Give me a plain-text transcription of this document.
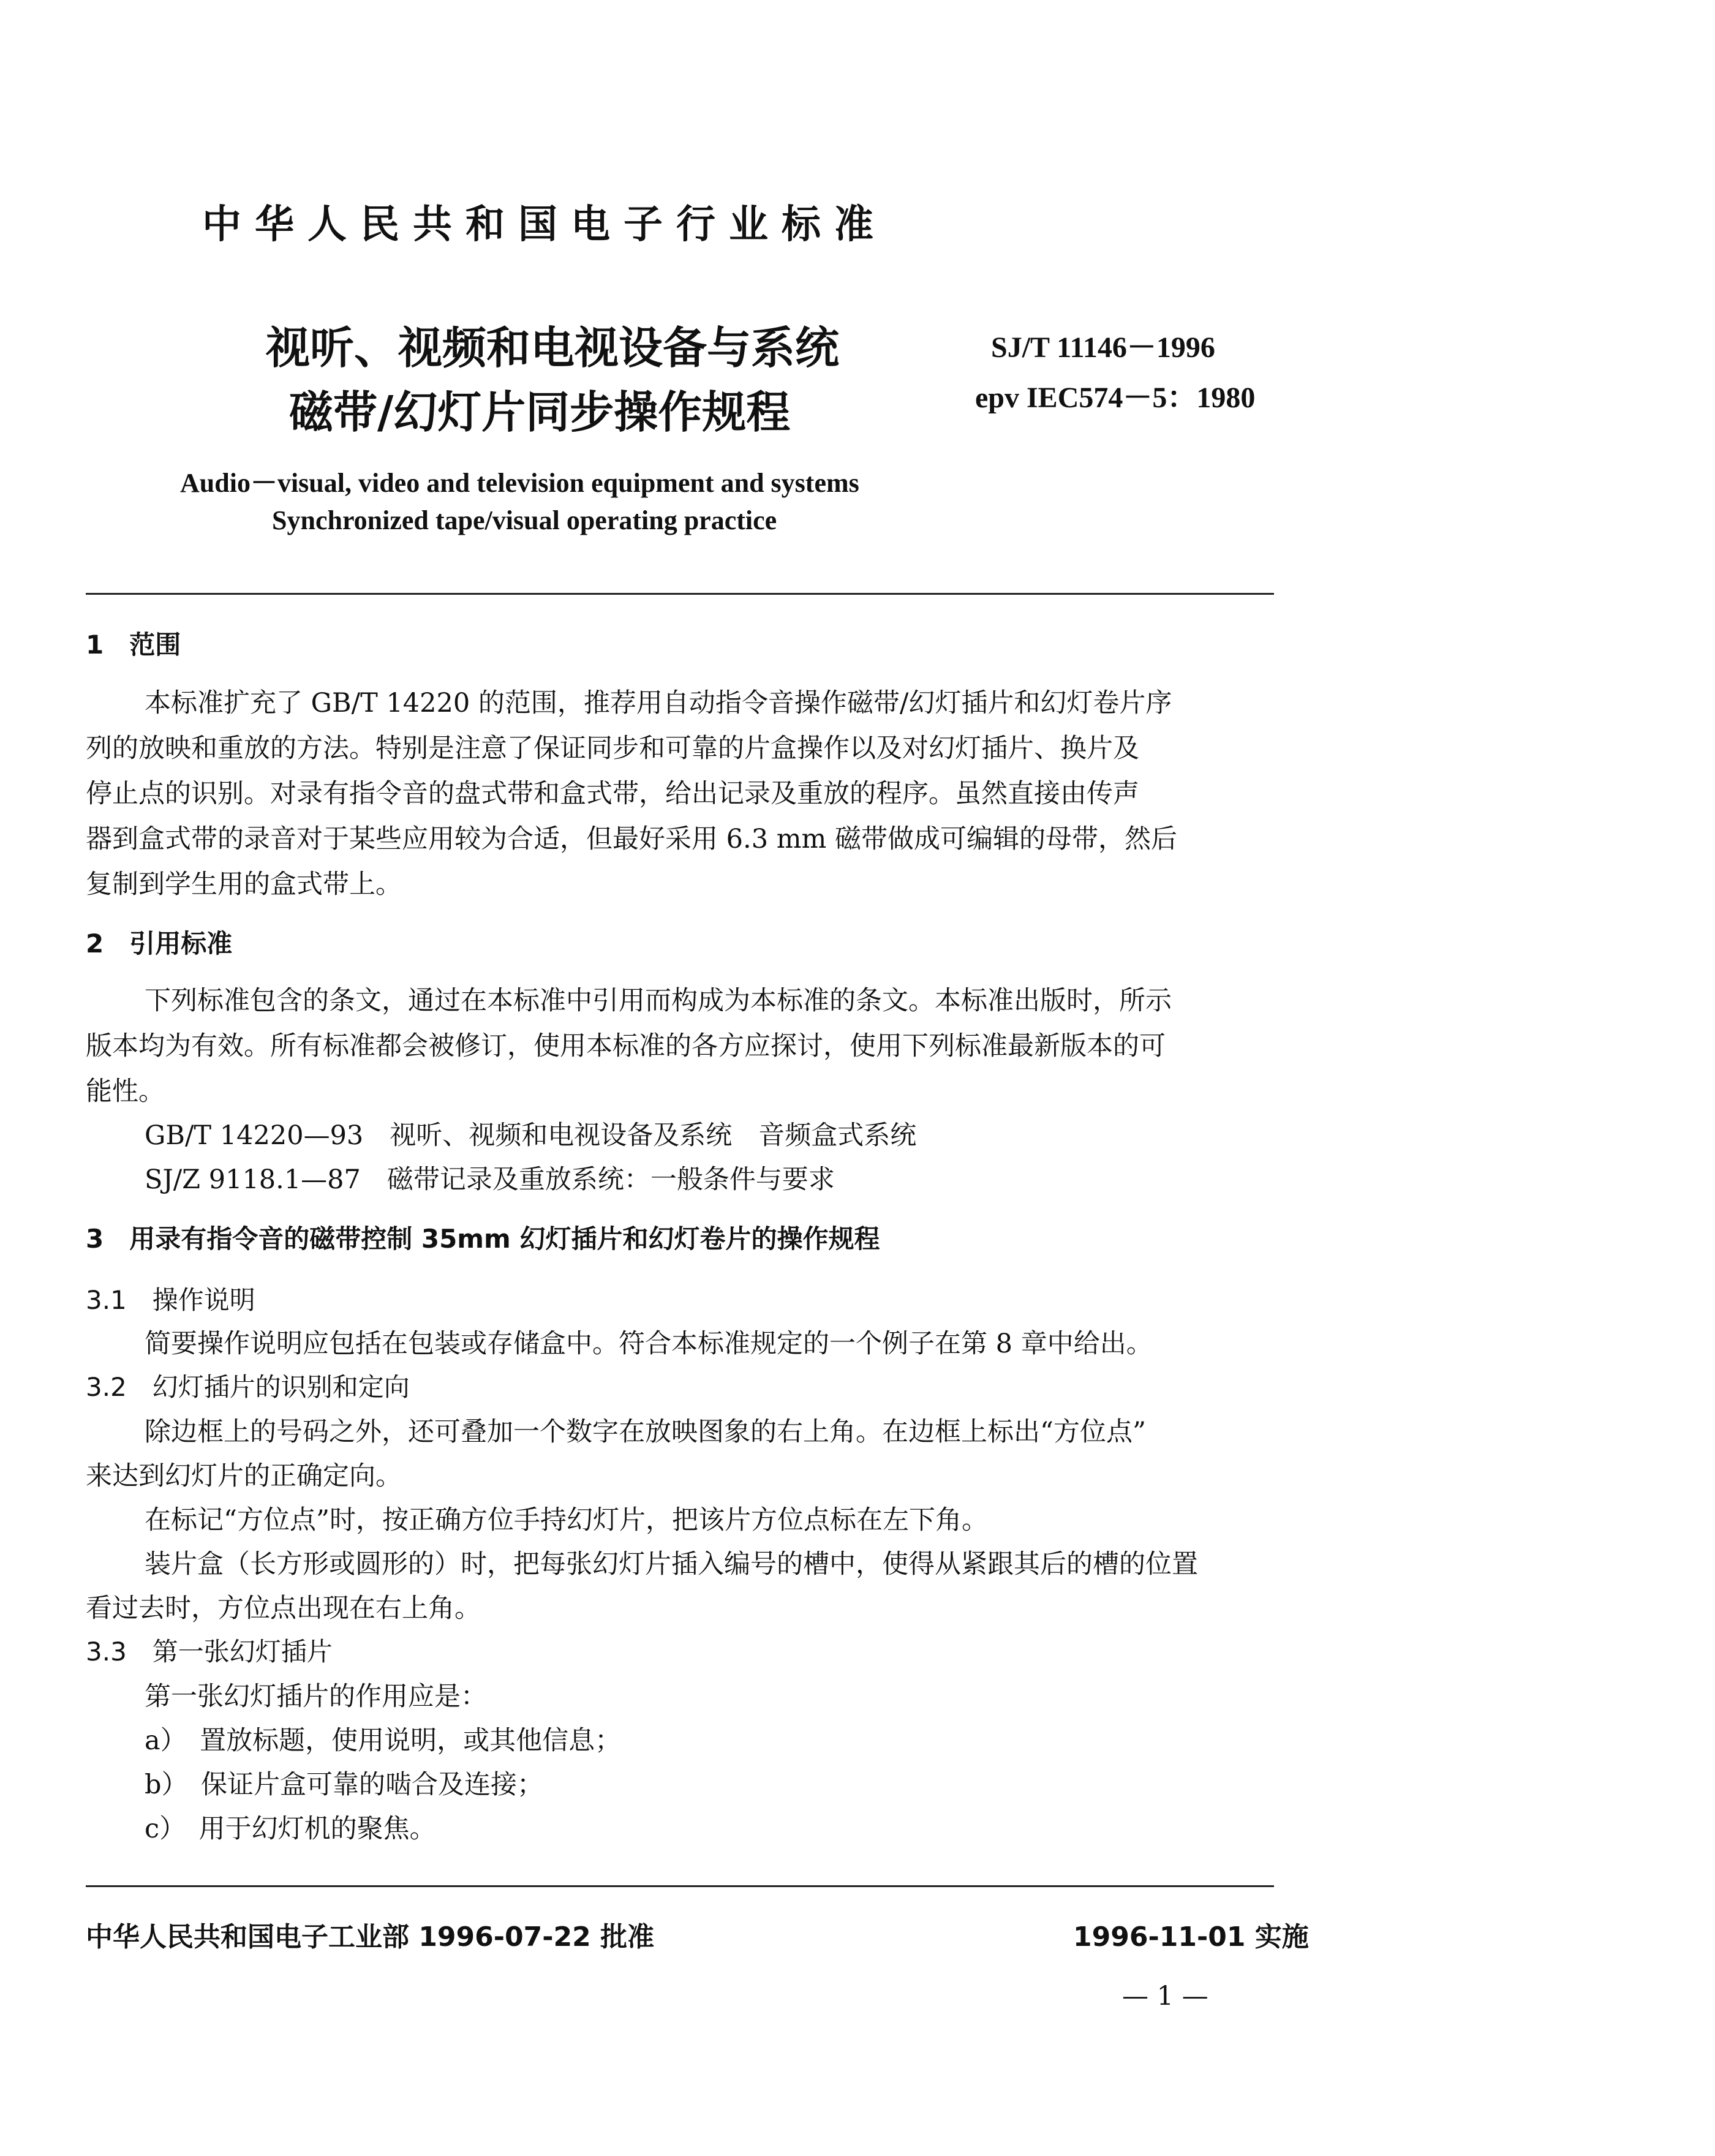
中华人民共和国电子行业标准
视听、视频和电视设备与系统
磁带/幻灯片同步操作规程
SJ/T 11146－1996
epv IEC574－5：1980
Audio－visual, video and television equipment and systems
Synchronized tape/visual operating practice
1　范围
本标准扩充了 GB/T 14220 的范围，推荐用自动指令音操作磁带/幻灯插片和幻灯卷片序
列的放映和重放的方法。特别是注意了保证同步和可靠的片盒操作以及对幻灯插片、换片及
停止点的识别。对录有指令音的盘式带和盒式带，给出记录及重放的程序。虽然直接由传声
器到盒式带的录音对于某些应用较为合适，但最好采用 6.3 mm 磁带做成可编辑的母带，然后
复制到学生用的盒式带上。
2　引用标准
下列标准包含的条文，通过在本标准中引用而构成为本标准的条文。本标准出版时，所示
版本均为有效。所有标准都会被修订，使用本标准的各方应探讨，使用下列标准最新版本的可
能性。
GB/T 14220—93　视听、视频和电视设备及系统　音频盒式系统
SJ/Z 9118.1—87　磁带记录及重放系统：一般条件与要求
3　用录有指令音的磁带控制 35mm 幻灯插片和幻灯卷片的操作规程
3.1　操作说明
简要操作说明应包括在包装或存储盒中。符合本标准规定的一个例子在第 8 章中给出。
3.2　幻灯插片的识别和定向
除边框上的号码之外，还可叠加一个数字在放映图象的右上角。在边框上标出“方位点”
来达到幻灯片的正确定向。
在标记“方位点”时，按正确方位手持幻灯片，把该片方位点标在左下角。
装片盒（长方形或圆形的）时，把每张幻灯片插入编号的槽中，使得从紧跟其后的槽的位置
看过去时，方位点出现在右上角。
3.3　第一张幻灯插片
第一张幻灯插片的作用应是：
a）　置放标题，使用说明，或其他信息；
b）　保证片盒可靠的啮合及连接；
c）　用于幻灯机的聚焦。
中华人民共和国电子工业部 1996-07-22 批准	1996-11-01 实施
— 1 —
